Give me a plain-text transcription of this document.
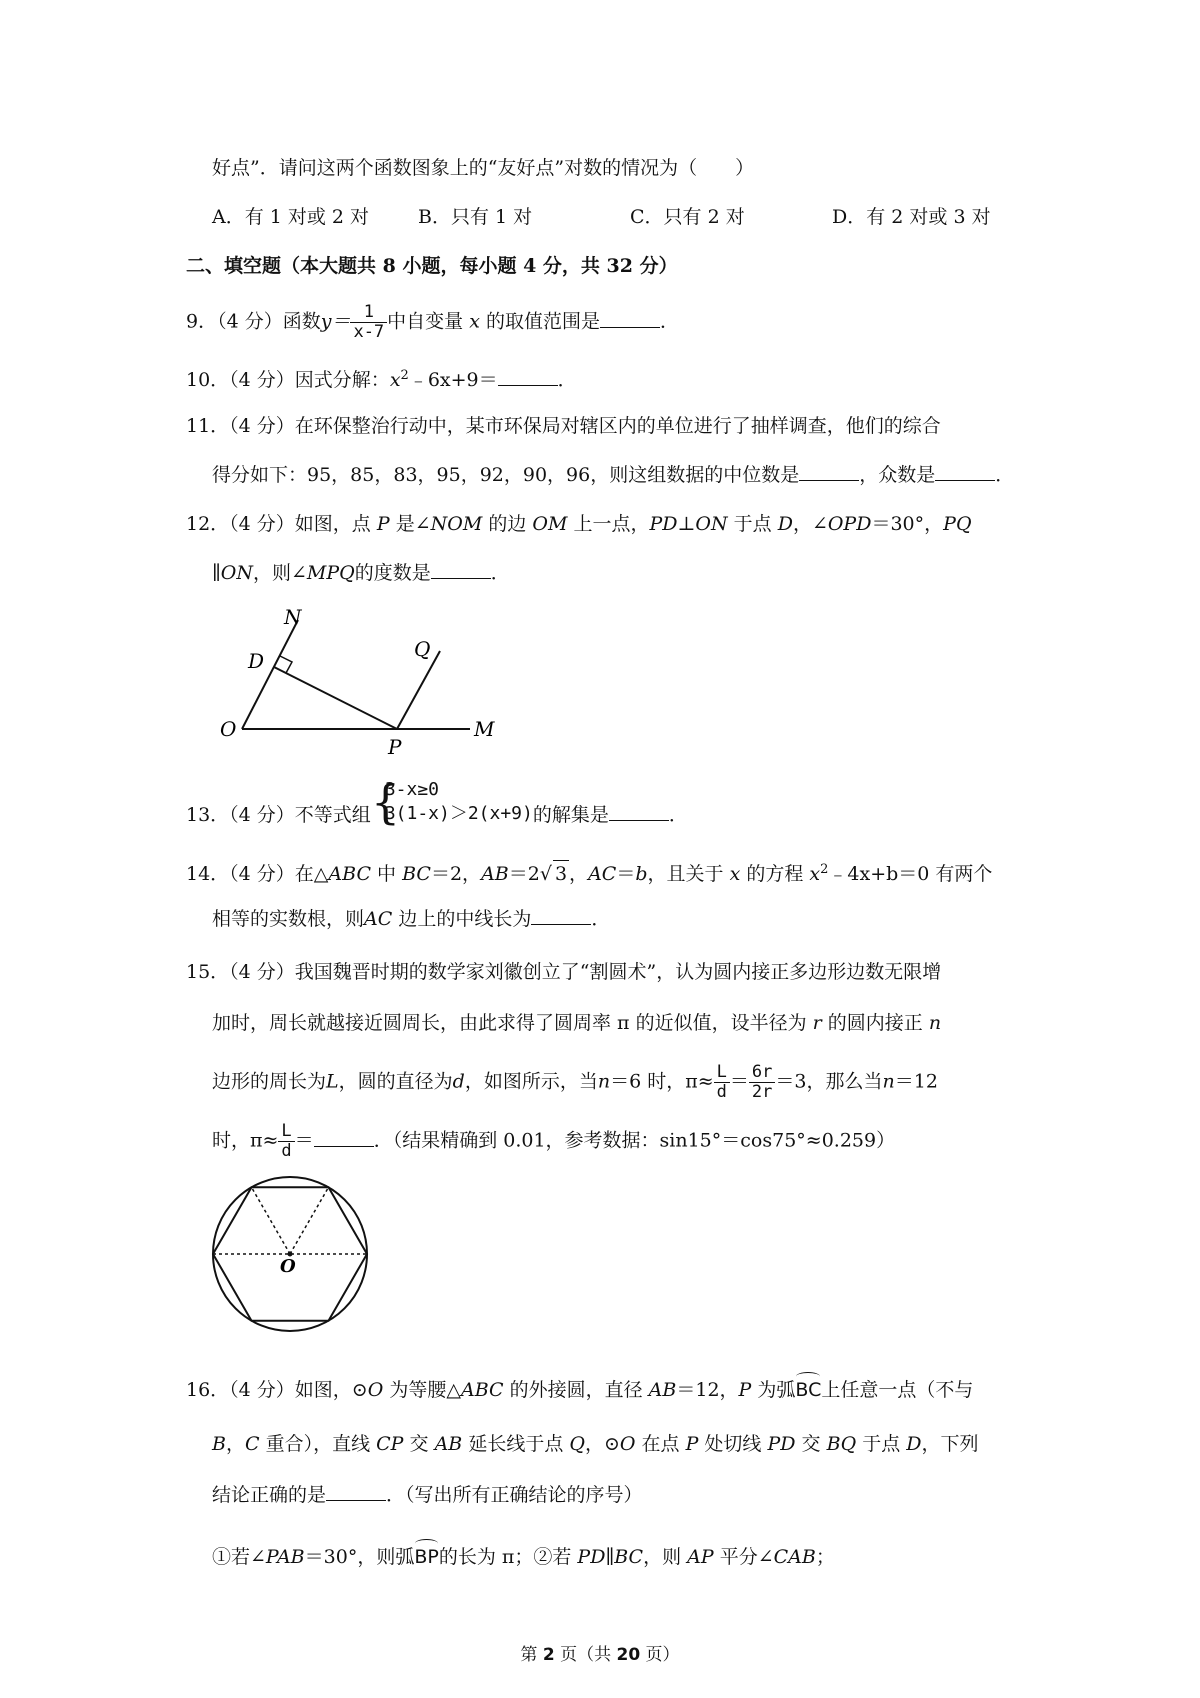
好点”．请问这两个函数图象上的“友好点”对数的情况为（　　）
A．有 1 对或 2 对	B．只有 1 对	C．只有 2 对	D．有 2 对或 3 对
二、填空题（本大题共 8 小题，每小题 4 分，共 32 分）
9．（4 分）函数$y= \frac{1}{x-7}$ 中自变量 x 的取值范围是	．
10．（4 分）因式分解：$x^2﹣6x+9=$	．
11．（4 分）在环保整治行动中，某市环保局对辖区内的单位进行了抽样调查，他们的综合
得分如下：95，85，83，95，92，90，96，则这组数据的中位数是	，众数是	．
12．（4 分）如图，点 P 是∠NOM 的边 OM 上一点，PD⊥ON 于点 D，∠OPD＝30°，PQ
∥ON，则∠MPQ的度数是	．
N
D	Q
O
P
M
13．（4 分）不等式组 {
3-x≥0
3(1-x)＞2(x+9) 的解集是	．
14．（4 分）在△ABC 中 BC＝2，AB＝2√ 3 ，AC＝b，且关于 x 的方程 $x^2﹣4x+b=0$ 有两个
相等的实数根，则AC 边上的中线长为	．
15．（4 分）我国魏晋时期的数学家刘徽创立了“割圆术”，认为圆内接正多边形边数无限增
加时，周长就越接近圆周长，由此求得了圆周率 π 的近似值，设半径为 r 的圆内接正 n
边形的周长为L，圆的直径为d，如图所示，当n＝6 时，$\pi\approx \frac{L}{d} = \frac{6r}{2r} =3$，那么当n＝12
时，$\pi\approx \frac{L}{d}$ ＝	．（结果精确到 0.01，参考数据：sin15°＝cos75°≈0.259）
O
16．（4 分）如图，⊙O 为等腰△ABC 的外接圆，直径 AB＝12，P 为弧BC上任意一点（不与
B，C 重合），直线 CP 交 AB 延长线于点 Q，⊙O 在点 P 处切线 PD 交 BQ 于点 D，下列
结论正确的是	．（写出所有正确结论的序号）
①若∠PAB＝30°，则弧BP的长为 π；②若 PD∥BC，则 AP 平分∠CAB；
第 2 页（共 20 页）
